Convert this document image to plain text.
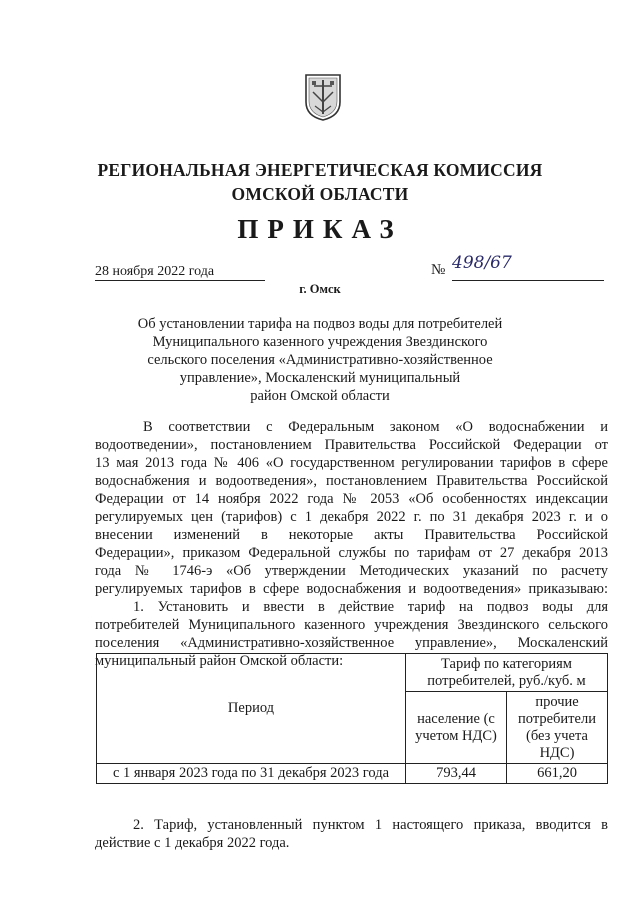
РЕГИОНАЛЬНАЯ ЭНЕРГЕТИЧЕСКАЯ КОМИССИЯ
ОМСКОЙ ОБЛАСТИ
ПРИКАЗ
28 ноября 2022 года	№ 498/67
г. Омск
Об установлении тарифа на подвоз воды для потребителей
Муниципального казенного учреждения Звездинского
сельского поселения «Административно-хозяйственное
управление», Москаленский муниципальный
район Омской области
В соответствии с Федеральным законом «О водоснабжении и
водоотведении», постановлением Правительства Российской Федерации от
13 мая 2013 года № 406 «О государственном регулировании тарифов в сфере
водоснабжения и водоотведения», постановлением Правительства Российской
Федерации от 14 ноября 2022 года № 2053 «Об особенностях индексации
регулируемых цен (тарифов) с 1 декабря 2022 г. по 31 декабря 2023 г. и о
внесении изменений в некоторые акты Правительства Российской
Федерации», приказом Федеральной службы по тарифам от 27 декабря 2013
года № 1746-э «Об утверждении Методических указаний по расчету
регулируемых тарифов в сфере водоснабжения и водоотведения» приказываю:
1. Установить и ввести в действие тариф на подвоз воды для
потребителей Муниципального казенного учреждения Звездинского сельского
поселения «Административно-хозяйственное управление», Москаленский
муниципальный район Омской области:
Период	Тариф по категориям потребителей, руб./куб. м	
	население (с учетом НДС)	прочие потребители (без учета НДС)
с 1 января 2023 года по 31 декабря 2023 года	793,44	661,20
2. Тариф, установленный пунктом 1 настоящего приказа, вводится в
действие с 1 декабря 2022 года.
